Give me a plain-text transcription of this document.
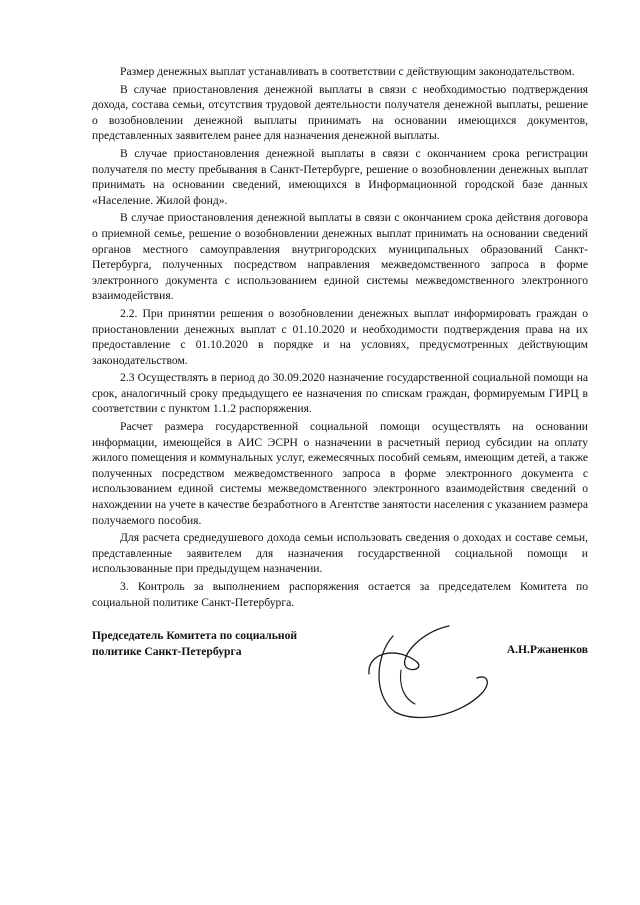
Размер денежных выплат устанавливать в соответствии с действующим законодательством.

В случае приостановления денежной выплаты в связи с необходимостью подтверждения дохода, состава семьи, отсутствия трудовой деятельности получателя денежной выплаты, решение о возобновлении денежной выплаты принимать на основании имеющихся документов, представленных заявителем ранее для назначения денежной выплаты.

В случае приостановления денежной выплаты в связи с окончанием срока регистрации получателя по месту пребывания в Санкт-Петербурге, решение о возобновлении денежных выплат принимать на основании сведений, имеющихся в Информационной городской базе данных «Население. Жилой фонд».

В случае приостановления денежной выплаты в связи с окончанием срока действия договора о приемной семье, решение о возобновлении денежных выплат принимать на основании сведений органов местного самоуправления внутригородских муниципальных образований Санкт-Петербурга, полученных посредством направления межведомственного запроса в форме электронного документа с использованием единой системы межведомственного электронного взаимодействия.

2.2. При принятии решения о возобновлении денежных выплат информировать граждан о приостановлении денежных выплат с 01.10.2020 и необходимости подтверждения права на их предоставление с 01.10.2020 в порядке и на условиях, предусмотренных действующим законодательством.

2.3 Осуществлять в период до 30.09.2020 назначение государственной социальной помощи на срок, аналогичный сроку предыдущего ее назначения по спискам граждан, формируемым ГИРЦ в соответствии с пунктом 1.1.2 распоряжения.

Расчет размера государственной социальной помощи осуществлять на основании информации, имеющейся в АИС ЭСРН о назначении в расчетный период субсидии на оплату жилого помещения и коммунальных услуг, ежемесячных пособий семьям, имеющим детей, а также полученных посредством межведомственного запроса в форме электронного документа с использованием единой системы межведомственного электронного взаимодействия сведений о нахождении на учете в качестве безработного в Агентстве занятости населения с указанием размера получаемого пособия.

Для расчета среднедушевого дохода семьи использовать сведения о доходах и составе семьи, представленные заявителем для назначения государственной социальной помощи и использованные при предыдущем назначении.

3. Контроль за выполнением распоряжения остается за председателем Комитета по социальной политике Санкт-Петербурга.

Председатель Комитета по социальной политике Санкт-Петербурга	А.Н.Ржаненков
